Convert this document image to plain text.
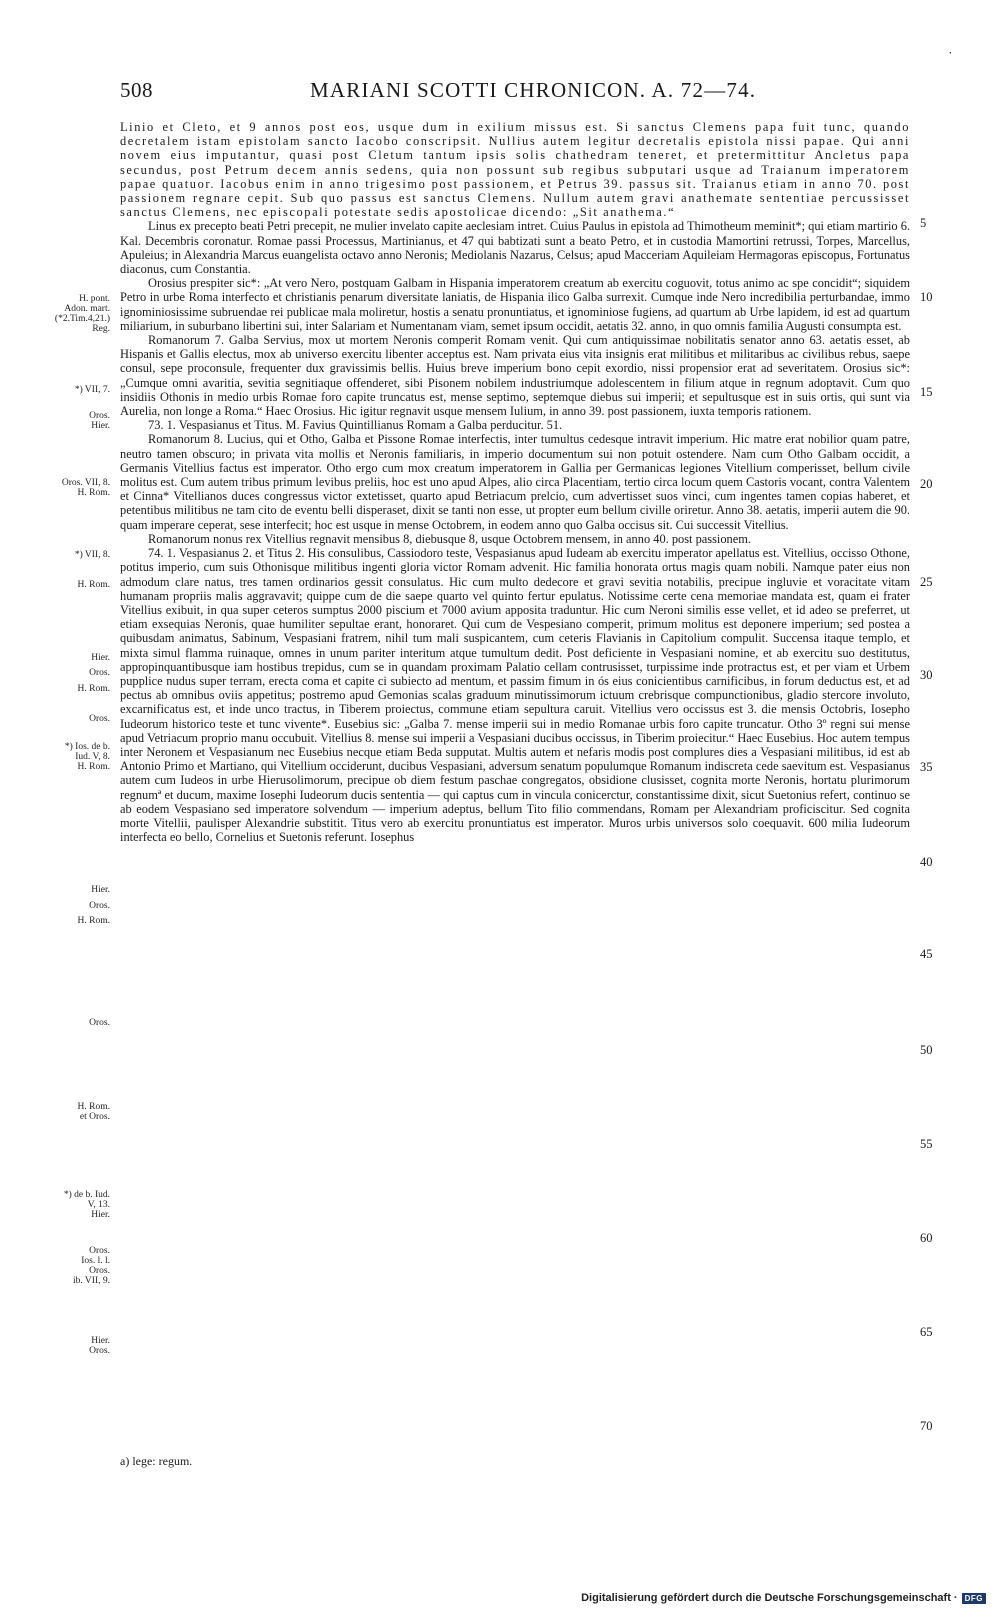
˙
508	MARIANI SCOTTI CHRONICON. A. 72—74.
H. pont.
Adon. mart.
(*2.Tim.4,21.)
Reg.
*) VII, 7.
Oros.
Hier.
Oros. VII, 8.
H. Rom.
*) VII, 8.
H. Rom.
Hier.
Oros.
H. Rom.
Oros.
*) Ios. de b.
Iud. V, 8.
H. Rom.
Hier.
Oros.
H. Rom.
Oros.
H. Rom.
et Oros.
*) de b. Iud.
V, 13.
Hier.
Oros.
Ios. l. l.
Oros.
ib. VII, 9.
Hier.
Oros.

Linio et Cleto, et 9 annos post eos, usque dum in exilium missus est. Si sanctus Clemens papa fuit tunc, quando decretalem istam epistolam sancto Iacobo conscripsit. Nullius autem legitur decretalis epistola nissi papae. Qui anni novem eius imputantur, quasi post Cletum tantum ipsis solis chathedram teneret, et pretermittitur Ancletus papa secundus, post Petrum decem annis sedens, quia non possunt sub regibus subputari usque ad Traianum imperatorem papae quatuor. Iacobus enim in anno trigesimo post passionem, et Petrus 39. passus sit. Traianus etiam in anno 70. post passionem regnare cepit. Sub quo passus est sanctus Clemens. Nullum autem gravi anathemate sententiae percussisset sanctus Clemens, nec episcopali potestate sedis apostolicae dicendo: „Sit anathema.“

Linus ex precepto beati Petri precepit, ne mulier invelato capite aeclesiam intret. Cuius Paulus in epistola ad Thimotheum meminit*; qui etiam martirio 6. Kal. Decembris coronatur. Romae passi Processus, Martinianus, et 47 qui babtizati sunt a beato Petro, et in custodia Mamortini retrussi, Torpes, Marcellus, Apuleius; in Alexandria Marcus euangelista octavo anno Neronis; Mediolanis Nazarus, Celsus; apud Macceriam Aquileiam Hermagoras episcopus, Fortunatus diaconus, cum Constantia.

Orosius prespiter sic*: „At vero Nero, postquam Galbam in Hispania imperatorem creatum ab exercitu coguovit, totus animo ac spe concidit“; siquidem Petro in urbe Roma interfecto et christianis penarum diversitate laniatis, de Hispania ilico Galba surrexit. Cumque inde Nero incredibilia perturbandae, immo ignominiosissime subruendae rei publicae mala moliretur, hostis a senatu pronuntiatus, et ignominiose fugiens, ad quartum ab Urbe lapidem, id est ad quartum miliarium, in suburbano libertini sui, inter Salariam et Numentanam viam, semet ipsum occidit, aetatis 32. anno, in quo omnis familia Augusti consumpta est.

Romanorum 7. Galba Servius, mox ut mortem Neronis comperit Romam venit. Qui cum antiquissimae nobilitatis senator anno 63. aetatis esset, ab Hispanis et Gallis electus, mox ab universo exercitu libenter acceptus est. Nam privata eius vita insignis erat militibus et militaribus ac civilibus rebus, saepe consul, sepe proconsule, frequenter dux gravissimis bellis. Huius breve imperium bono cepit exordio, nissi propensior erat ad severitatem. Orosius sic*: „Cumque omni avaritia, sevitia segnitiaque offenderet, sibi Pisonem nobilem industriumque adolescentem in filium atque in regnum adoptavit. Cum quo insidiis Othonis in medio urbis Romae foro capite truncatus est, mense septimo, septemque diebus sui imperii; et sepultusque est in suis ortis, qui sunt via Aurelia, non longe a Roma.“ Haec Orosius. Hic igitur regnavit usque mensem Iulium, in anno 39. post passionem, iuxta temporis rationem.

73. 1. Vespasianus et Titus. M. Favius Quintillianus Romam a Galba perducitur. 51.

Romanorum 8. Lucius, qui et Otho, Galba et Pissone Romae interfectis, inter tumultus cedesque intravit imperium. Hic matre erat nobilior quam patre, neutro tamen obscuro; in privata vita mollis et Neronis familiaris, in imperio documentum sui non potuit ostendere. Nam cum Otho Galbam occidit, a Germanis Vitellius factus est imperator. Otho ergo cum mox creatum imperatorem in Gallia per Germanicas legiones Vitellium comperisset, bellum civile molitus est. Cum autem tribus primum levibus preliis, hoc est uno apud Alpes, alio circa Placentiam, tertio circa locum quem Castoris vocant, contra Valentem et Cinna* Vitellianos duces congressus victor extetisset, quarto apud Betriacum prelcio, cum advertisset suos vinci, cum ingentes tamen copias haberet, et petentibus militibus ne tam cito de eventu belli disperaset, dixit se tanti non esse, ut propter eum bellum civille oriretur. Anno 38. aetatis, imperii autem die 90. quam imperare ceperat, sese interfecit; hoc est usque in mense Octobrem, in eodem anno quo Galba occisus sit. Cui successit Vitellius.

Romanorum nonus rex Vitellius regnavit mensibus 8, diebusque 8, usque Octobrem mensem, in anno 40. post passionem.

74. 1. Vespasianus 2. et Titus 2. His consulibus, Cassiodoro teste, Vespasianus apud Iudeam ab exercitu imperator apellatus est. Vitellius, occisso Othone, potitus imperio, cum suis Othonisque militibus ingenti gloria victor Romam advenit. Hic familia honorata ortus magis quam nobili. Namque pater eius non admodum clare natus, tres tamen ordinarios gessit consulatus. Hic cum multo dedecore et gravi sevitia notabilis, precipue ingluvie et voracitate vitam humanam propriis malis aggravavit; quippe cum de die saepe quarto vel quinto fertur epulatus. Notissime certe cena memoriae mandata est, quam ei frater Vitellius exibuit, in qua super ceteros sumptus 2000 piscium et 7000 avium apposita traduntur. Hic cum Neroni similis esse vellet, et id adeo se preferret, ut etiam exsequias Neronis, quae humiliter sepultae erant, honoraret. Qui cum de Vespesiano comperit, primum molitus est deponere imperium; sed postea a quibusdam animatus, Sabinum, Vespasiani fratrem, nihil tum mali suspicantem, cum ceteris Flavianis in Capitolium compulit. Succensa itaque templo, et mixta simul flamma ruinaque, omnes in unum pariter interitum atque tumultum dedit. Post deficiente in Vespasiani nomine, et ab exercitu suo destitutus, appropinquantibusque iam hostibus trepidus, cum se in quandam proximam Palatio cellam contrusisset, turpissime inde protractus est, et per viam et Urbem pupplice nudus super terram, erecta coma et capite ci subiecto ad mentum, et passim fimum in ós eius conicientibus carnificibus, in forum deductus est, et ad pectus ab omnibus oviis appetitus; postremo apud Gemonias scalas graduum minutissimorum ictuum crebrisque compunctionibus, gladio stercore involuto, excarnificatus est, et inde unco tractus, in Tiberem proiectus, commune etiam sepultura caruit. Vitellius vero occissus est 3. die mensis Octobris, Iosepho Iudeorum historico teste et tunc vivente*. Eusebius sic: „Galba 7. mense imperii sui in medio Romanae urbis foro capite truncatur. Otho 3º regni sui mense apud Vetriacum proprio manu occubuit. Vitellius 8. mense sui imperii a Vespasiani ducibus occissus, in Tiberim proiecitur.“ Haec Eusebius. Hoc autem tempus inter Neronem et Vespasianum nec Eusebius necque etiam Beda supputat. Multis autem et nefaris modis post complures dies a Vespasiani militibus, id est ab Antonio Primo et Martiano, qui Vitellium occiderunt, ducibus Vespasiani, adversum senatum populumque Romanum indiscreta cede saevitum est. Vespasianus autem cum Iudeos in urbe Hierusolimorum, precipue ob diem festum paschae congregatos, obsidione clusisset, cognita morte Neronis, hortatu plurimorum regnumª et ducum, maxime Iosephi Iudeorum ducis sententia — qui captus cum in vincula conicerctur, constantissime dixit, sicut Suetonius refert, continuo se ab eodem Vespasiano sed imperatore solvendum — imperium adeptus, bellum Tito filio commendans, Romam per Alexandriam proficiscitur. Sed cognita morte Vitellii, paulisper Alexandrie substitit. Titus vero ab exercitu pronuntiatus est imperator. Muros urbis universos solo coequavit. 600 milia Iudeorum interfecta eo bello, Cornelius et Suetonis referunt. Iosephus

5
10
15
20
25
30
35
40
45
50
55
60
65
70
a) lege: regum.
Digitalisierung gefördert durch die Deutsche Forschungsgemeinschaft · DFG
